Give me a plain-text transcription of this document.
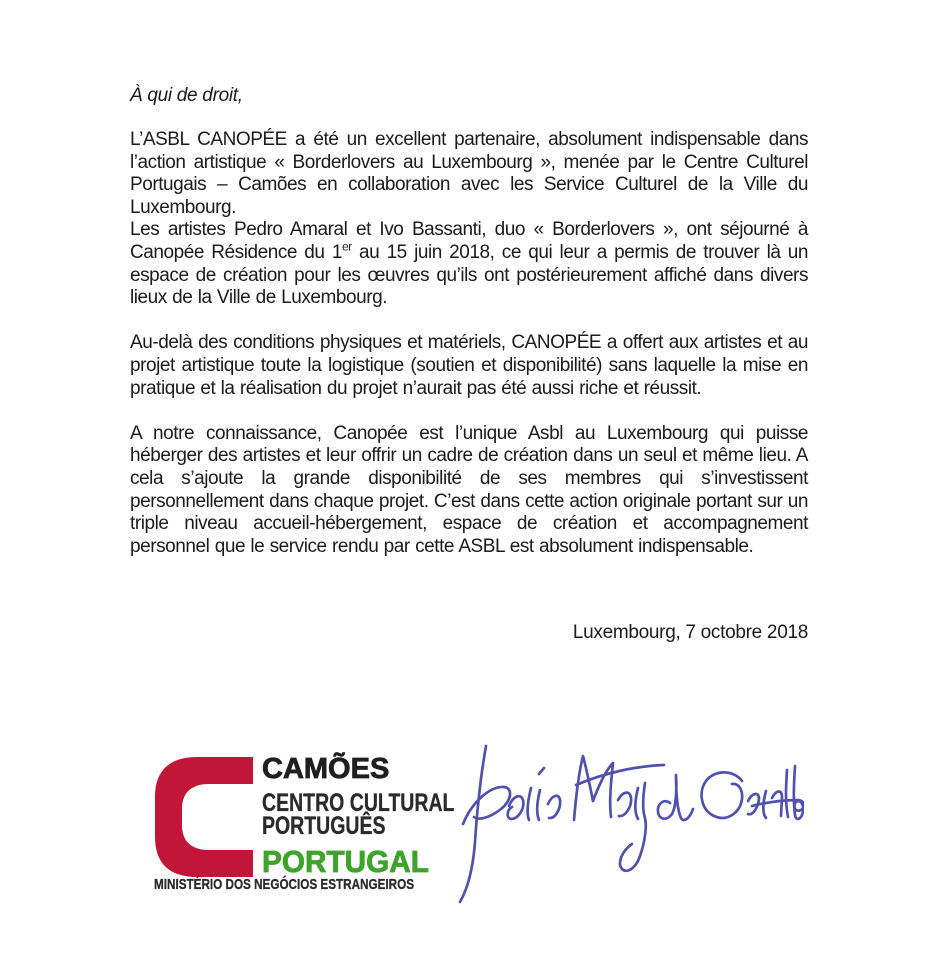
À qui de droit,

L’ASBL CANOPÉE a été un excellent partenaire, absolument indispensable dans l’action artistique « Borderlovers au Luxembourg », menée par le Centre Culturel Portugais – Camões en collaboration avec les Service Culturel de la Ville du Luxembourg.

Les artistes Pedro Amaral et Ivo Bassanti, duo « Borderlovers », ont séjourné à Canopée Résidence du 1er au 15 juin 2018, ce qui leur a permis de trouver là un espace de création pour les œuvres qu’ils ont postérieurement affiché dans divers lieux de la Ville de Luxembourg.

Au-delà des conditions physiques et matériels, CANOPÉE a offert aux artistes et au projet artistique toute la logistique (soutien et disponibilité) sans laquelle la mise en pratique et la réalisation du projet n’aurait pas été aussi riche et réussit.

A notre connaissance, Canopée est l’unique Asbl au Luxembourg qui puisse héberger des artistes et leur offrir un cadre de création dans un seul et même lieu. A cela s’ajoute la grande disponibilité de ses membres qui s’investissent personnellement dans chaque projet. C’est dans cette action originale portant sur un triple niveau accueil-hébergement, espace de création et accompagnement personnel que le service rendu par cette ASBL est absolument indispensable.

Luxembourg, 7 octobre 2018

CAMÕES
CENTRO CULTURAL
PORTUGUÊS
PORTUGAL
MINISTÉRIO DOS NEGÓCIOS ESTRANGEIROS
